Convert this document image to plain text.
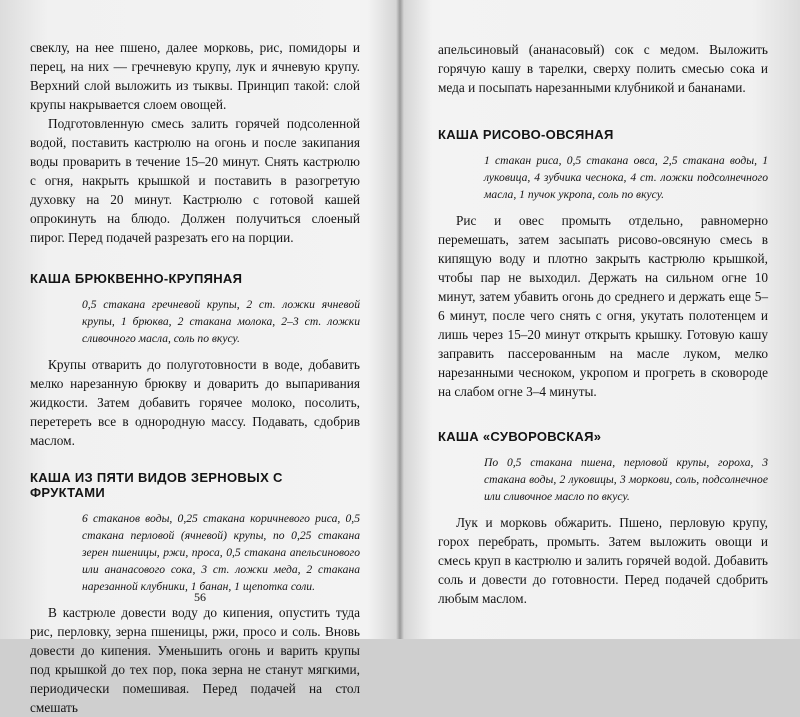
свеклу, на нее пшено, далее морковь, рис, помидоры и перец, на них — гречневую крупу, лук и ячневую крупу. Верхний слой выложить из тыквы. Принцип такой: слой крупы накрывается слоем овощей.

Подготовленную смесь залить горячей подсоленной водой, поставить кастрюлю на огонь и после закипания воды проварить в течение 15–20 минут. Снять кастрюлю с огня, накрыть крышкой и поставить в разогретую духовку на 20 минут. Кастрюлю с готовой кашей опрокинуть на блюдо. Должен получиться слоеный пирог. Перед подачей разрезать его на порции.

КАША БРЮКВЕННО-КРУПЯНАЯ

0,5 стакана гречневой крупы, 2 ст. ложки ячневой крупы, 1 брюква, 2 стакана молока, 2–3 ст. ложки сливочного масла, соль по вкусу.

Крупы отварить до полуготовности в воде, добавить мелко нарезанную брюкву и доварить до выпаривания жидкости. Затем добавить горячее молоко, посолить, перетереть все в однородную массу. Подавать, сдобрив маслом.

КАША ИЗ ПЯТИ ВИДОВ ЗЕРНОВЫХ С ФРУКТАМИ

6 стаканов воды, 0,25 стакана коричневого риса, 0,5 стакана перловой (ячневой) крупы, по 0,25 стакана зерен пшеницы, ржи, проса, 0,5 стакана апельсинового или ананасового сока, 3 ст. ложки меда, 2 стакана нарезанной клубники, 1 банан, 1 щепотка соли.

В кастрюле довести воду до кипения, опустить туда рис, перловку, зерна пшеницы, ржи, просо и соль. Вновь довести до кипения. Уменьшить огонь и варить крупы под крышкой до тех пор, пока зерна не станут мягкими, периодически помешивая. Перед подачей на стол смешать

56

апельсиновый (ананасовый) сок с медом. Выложить горячую кашу в тарелки, сверху полить смесью сока и меда и посыпать нарезанными клубникой и бананами.

КАША РИСОВО-ОВСЯНАЯ

1 стакан риса, 0,5 стакана овса, 2,5 стакана воды, 1 луковица, 4 зубчика чеснока, 4 ст. ложки подсолнечного масла, 1 пучок укропа, соль по вкусу.

Рис и овес промыть отдельно, равномерно перемешать, затем засыпать рисово-овсяную смесь в кипящую воду и плотно закрыть кастрюлю крышкой, чтобы пар не выходил. Держать на сильном огне 10 минут, затем убавить огонь до среднего и держать еще 5–6 минут, после чего снять с огня, укутать полотенцем и лишь через 15–20 минут открыть крышку. Готовую кашу заправить пассерованным на масле луком, мелко нарезанными чесноком, укропом и прогреть в сковороде на слабом огне 3–4 минуты.

КАША «СУВОРОВСКАЯ»

По 0,5 стакана пшена, перловой крупы, гороха, 3 стакана воды, 2 луковицы, 3 моркови, соль, подсолнечное или сливочное масло по вкусу.

Лук и морковь обжарить. Пшено, перловую крупу, горох перебрать, промыть. Затем выложить овощи и смесь круп в кастрюлю и залить горячей водой. Добавить соль и довести до готовности. Перед подачей сдобрить любым маслом.
